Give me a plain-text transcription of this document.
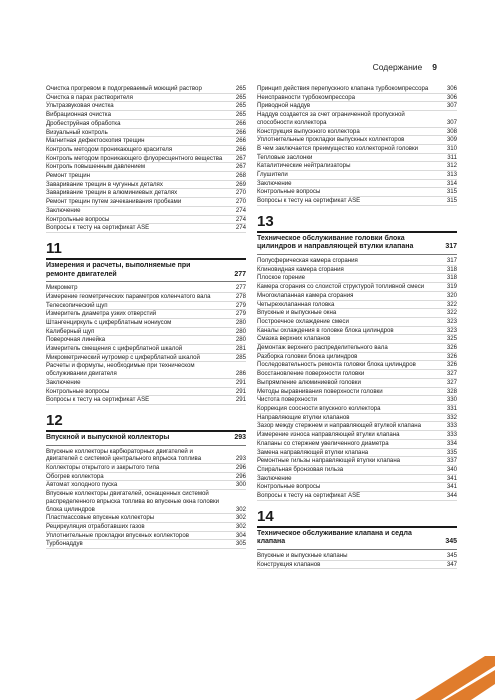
Содержание 9
Очистка прогревом в подогреваемый моющий раствор	265
Очистка в парах растворителя	265
Ультразвуковая очистка	265
Вибрационная очистка	265
Дробеструйная обработка	266
Визуальный контроль	266
Магнитная дефектоскопия трещин	266
Контроль методом проникающего красителя	266
Контроль методом проникающего флуоресцентного вещества 267
Контроль повышенным давлением	267
Ремонт трещин	268
Заваривание трещин в чугунных деталях	269
Заваривание трещин в алюминиевых деталях	270
Ремонт трещин путем зачеканивания пробками	270
Заключение	274
Контрольные вопросы	274
Вопросы к тесту на сертификат ASE	274
11
Измерения и расчеты, выполняемые при ремонте двигателей	277
Микрометр	277
Измерение геометрических параметров коленчатого вала	278
Телескопический щуп	279
Измеритель диаметра узких отверстий	279
Штангенциркуль с циферблатным нониусом	280
Калиберный щуп	280
Поверочная линейка	280
Измеритель смещения с циферблатной шкалой	281
Микрометрический нутромер с циферблатной шкалой	285
Расчеты и формулы, необходимые при техническом обслуживании двигателя	286
Заключение	291
Контрольные вопросы	291
Вопросы к тесту на сертификат ASE	291
12
Впускной и выпускной коллекторы	293
Впускные коллекторы карбюраторных двигателей и двигателей с системой центрального впрыска топлива	293
Коллекторы открытого и закрытого типа	296
Обогрев коллектора	296
Автомат холодного пуска	300
Впускные коллекторы двигателей, оснащенных системой распределенного впрыска топлива во впускные окна головки блока цилиндров	302
Пластмассовые впускные коллекторы	302
Рециркуляция отработавших газов	302
Уплотнительные прокладки впускных коллекторов	304
Турбонаддув	305
Принцип действия перепускного клапана турбокомпрессора	306
Неисправности турбокомпрессора	306
Приводной наддув	307
Наддув создается за счет ограниченной пропускной способности коллектора	307
Конструкция выпускного коллектора	308
Уплотнительные прокладки выпускных коллекторов	309
В чем заключается преимущество коллекторной головки	310
Тепловые заслонки	311
Каталитические нейтрализаторы	312
Глушители	313
Заключение	314
Контрольные вопросы	315
Вопросы к тесту на сертификат ASE	315
13
Техническое обслуживание головки блока цилиндров и направляющей втулки клапана	317
Полусферическая камера сгорания	317
Клиновидная камера сгорания	318
Плоское горение	318
Камера сгорания со слоистой структурой топливной смеси	319
Многоклапанная камера сгорания	320
Четырехклапанная головка	322
Впускные и выпускные окна	322
Построечное охлаждение смеси	323
Каналы охлаждения в головке блока цилиндров	323
Смазка верхних клапанов	325
Демонтаж верхнего распределительного вала	326
Разборка головки блока цилиндров	326
Последовательность ремонта головки блока цилиндров	326
Восстановление поверхности головки	327
Выпрямление алюминиевой головки	327
Методы выравнивания поверхности головки	328
Чистота поверхности	330
Коррекция соосности впускного коллектора	331
Направляющие втулки клапанов	332
Зазор между стержнем и направляющей втулкой клапана	333
Измерение износа направляющей втулки клапана	333
Клапаны со стержнем увеличенного диаметра	334
Замена направляющей втулки клапана	335
Ремонтные гильзы направляющей втулки клапана	337
Спиральная бронзовая гильза	340
Заключение	341
Контрольные вопросы	341
Вопросы к тесту на сертификат ASE	344
14
Техническое обслуживание клапана и седла клапана	345
Впускные и выпускные клапаны	345
Конструкция клапанов	347
